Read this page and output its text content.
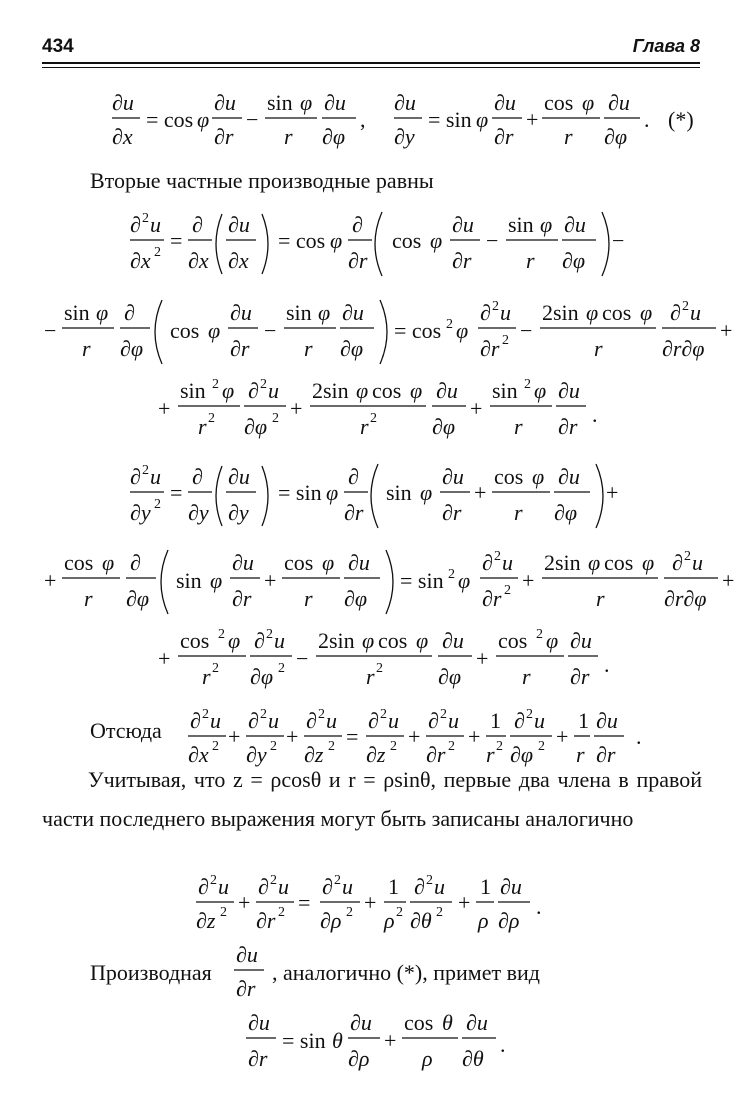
434	Глава 8
∂u
∂x
= cos φ
∂u
∂r
−
sin φ
r
∂u
∂φ
,
∂u
∂y
= sin φ
∂u
∂r
+
cos φ
r
∂u
∂φ
. (*)
Вторые частные производные равны
∂ 2 u
∂x 2 =
∂
∂x
∂u
∂x
= cos φ
∂
∂r
cos φ
∂u
∂r
−
sin φ
r
∂u
∂φ
−
−
sin φ
r
∂
∂φ
cos φ
∂u
∂r
−
sin φ
r
∂u
∂φ
= cos 2 φ
∂ 2 u
∂r 2 −
2sin φ cos φ
r
∂ 2 u
∂r∂φ
+
+
sin 2 φ
r 2
∂ 2 u
∂φ 2 +
2sin φ cos φ
r 2
∂u
∂φ
+
sin 2 φ
r
∂u
∂r .
∂ 2 u
∂y 2 =
∂
∂y
∂u
∂y
= sin φ
∂
∂r
sin φ
∂u
∂r
+
cos φ
r
∂u
∂φ
+
+
cos φ
r
∂
∂φ
sin φ
∂u
∂r
+
cos φ
r
∂u
∂φ
= sin 2 φ
∂ 2 u
∂r 2 +
2sin φ cos φ
r
∂ 2 u
∂r∂φ
+
+
cos 2 φ
r 2
∂ 2 u
∂φ 2 −
2sin φ cos φ
r 2
∂u
∂φ
+
cos 2 φ
r
∂u
∂r .
Отсюда ∂ 2 u
∂x 2 +
∂ 2 u
∂y 2 +
∂ 2 u
∂z 2 =
∂ 2 u
∂z 2 +
∂ 2 u
∂r 2 +
1
r 2
∂ 2 u
∂φ 2 +
1
r
∂u
∂r
.
Учитывая, что z = ρcosθ и r = ρsinθ, первые два члена в правой части последнего выражения могут быть записаны аналогично
∂ 2 u
∂z 2 +
∂ 2 u
∂r 2 =
∂ 2 u
∂ρ 2 +
1
ρ 2
∂ 2 u
∂θ 2 +
1
ρ
∂u
∂ρ
.
Производная
∂u
∂r
, аналогично (*), примет вид
∂u
∂r
= sin θ
∂u
∂ρ
+
cos θ
ρ
∂u
∂θ
.
